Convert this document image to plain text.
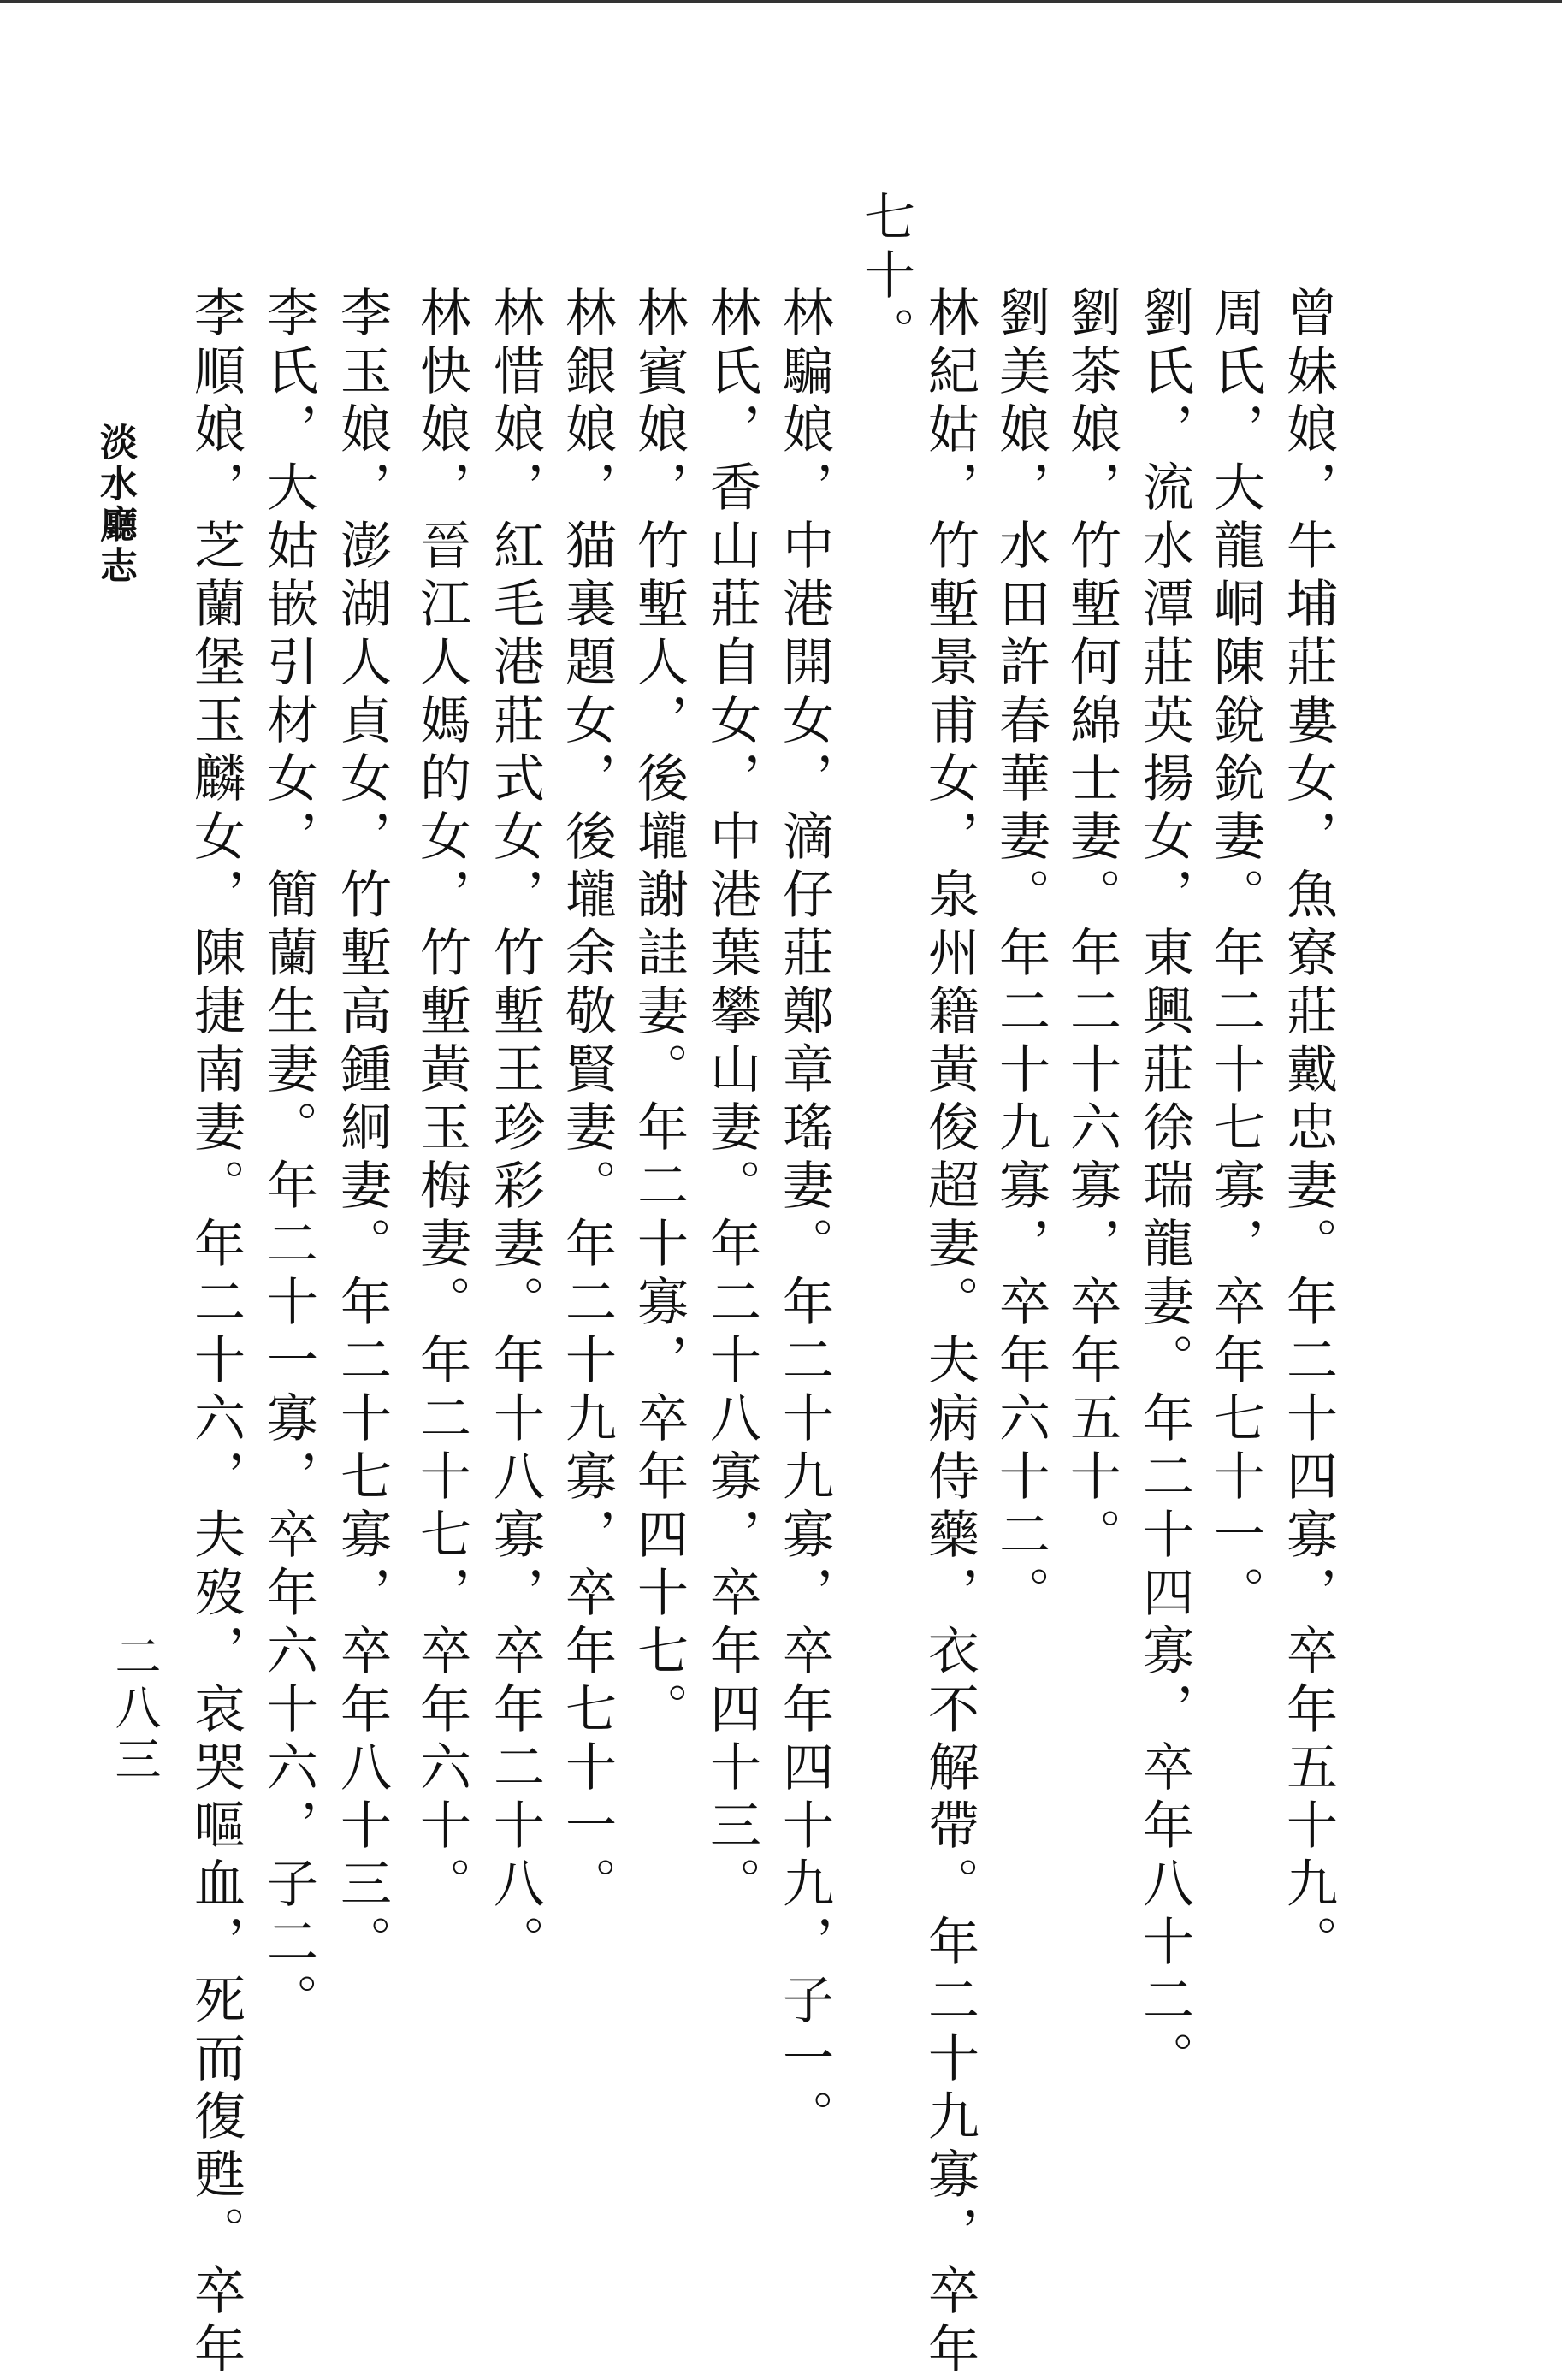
七十。
林紀姑，竹塹景甫女，泉州籍黃俊超妻。夫病侍藥，衣不解帶。年二十九寡，卒年 劉美娘，水田許春華妻。年二十九寡，卒年六十二。 劉茶娘，竹塹何綿士妻。年二十六寡，卒年五十。 劉氏，流水潭莊英揚女，東興莊徐瑞龍妻。年二十四寡，卒年八十二。 周氏，大龍峒陳銳鈗妻。年二十七寡，卒年七十一。 曾妹娘，牛埔莊婁女，魚寮莊戴忠妻。年二十四寡，卒年五十九。
林騙娘，中港開女，滴仔莊鄭章瑤妻。年二十九寡，卒年四十九，子一。
林氏，香山莊自女，中港葉攀山妻。年二十八寡，卒年四十三。
林賓娘，竹塹人，後壠謝詿妻。年二十寡，卒年四十七。
林銀娘，猫裏題女，後壠余敬賢妻。年二十九寡，卒年七十一。
林惜娘，紅毛港莊式女，竹塹王珍彩妻。年十八寡，卒年二十八。
林快娘，晉江人媽的女，竹塹黃玉梅妻。年二十七，卒年六十。
李玉娘，澎湖人貞女，竹塹高鍾絅妻。年二十七寡，卒年八十三。
李氏，大姑嵌引材女，簡蘭生妻。年二十一寡，卒年六十六，子二。
李順娘，芝蘭堡玉麟女，陳捷南妻。年二十六，夫歿，哀哭嘔血，死而復甦。卒年
淡水廳志
二八三
